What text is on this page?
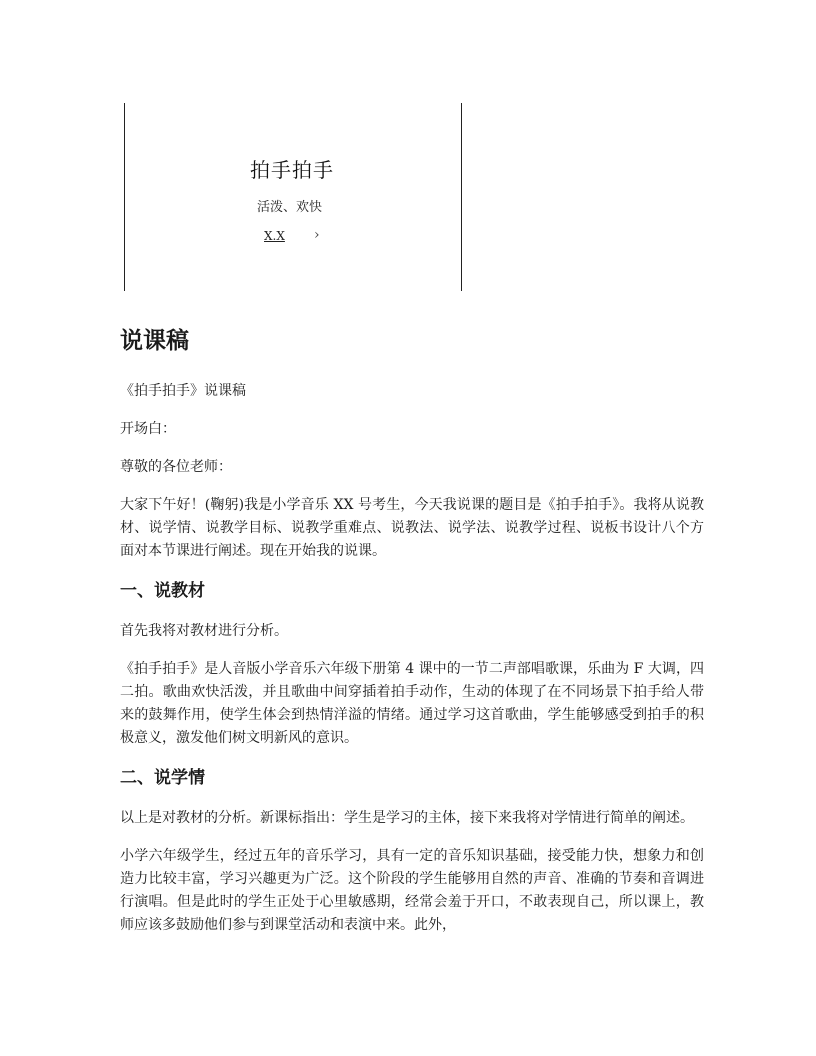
拍手拍手
活泼、欢快
X.X ›
说课稿

《拍手拍手》说课稿

开场白：

尊敬的各位老师：

大家下午好！(鞠躬)我是小学音乐 XX 号考生，今天我说课的题目是《拍手拍手》。我将从说教材、说学情、说教学目标、说教学重难点、说教法、说学法、说教学过程、说板书设计八个方面对本节课进行阐述。现在开始我的说课。

一、说教材

首先我将对教材进行分析。

《拍手拍手》是人音版小学音乐六年级下册第 4 课中的一节二声部唱歌课，乐曲为 F 大调，四二拍。歌曲欢快活泼，并且歌曲中间穿插着拍手动作，生动的体现了在不同场景下拍手给人带来的鼓舞作用，使学生体会到热情洋溢的情绪。通过学习这首歌曲，学生能够感受到拍手的积极意义，激发他们树文明新风的意识。

二、说学情

以上是对教材的分析。新课标指出：学生是学习的主体，接下来我将对学情进行简单的阐述。

小学六年级学生，经过五年的音乐学习，具有一定的音乐知识基础，接受能力快，想象力和创造力比较丰富，学习兴趣更为广泛。这个阶段的学生能够用自然的声音、准确的节奏和音调进行演唱。但是此时的学生正处于心里敏感期，经常会羞于开口，不敢表现自己，所以课上，教师应该多鼓励他们参与到课堂活动和表演中来。此外，
